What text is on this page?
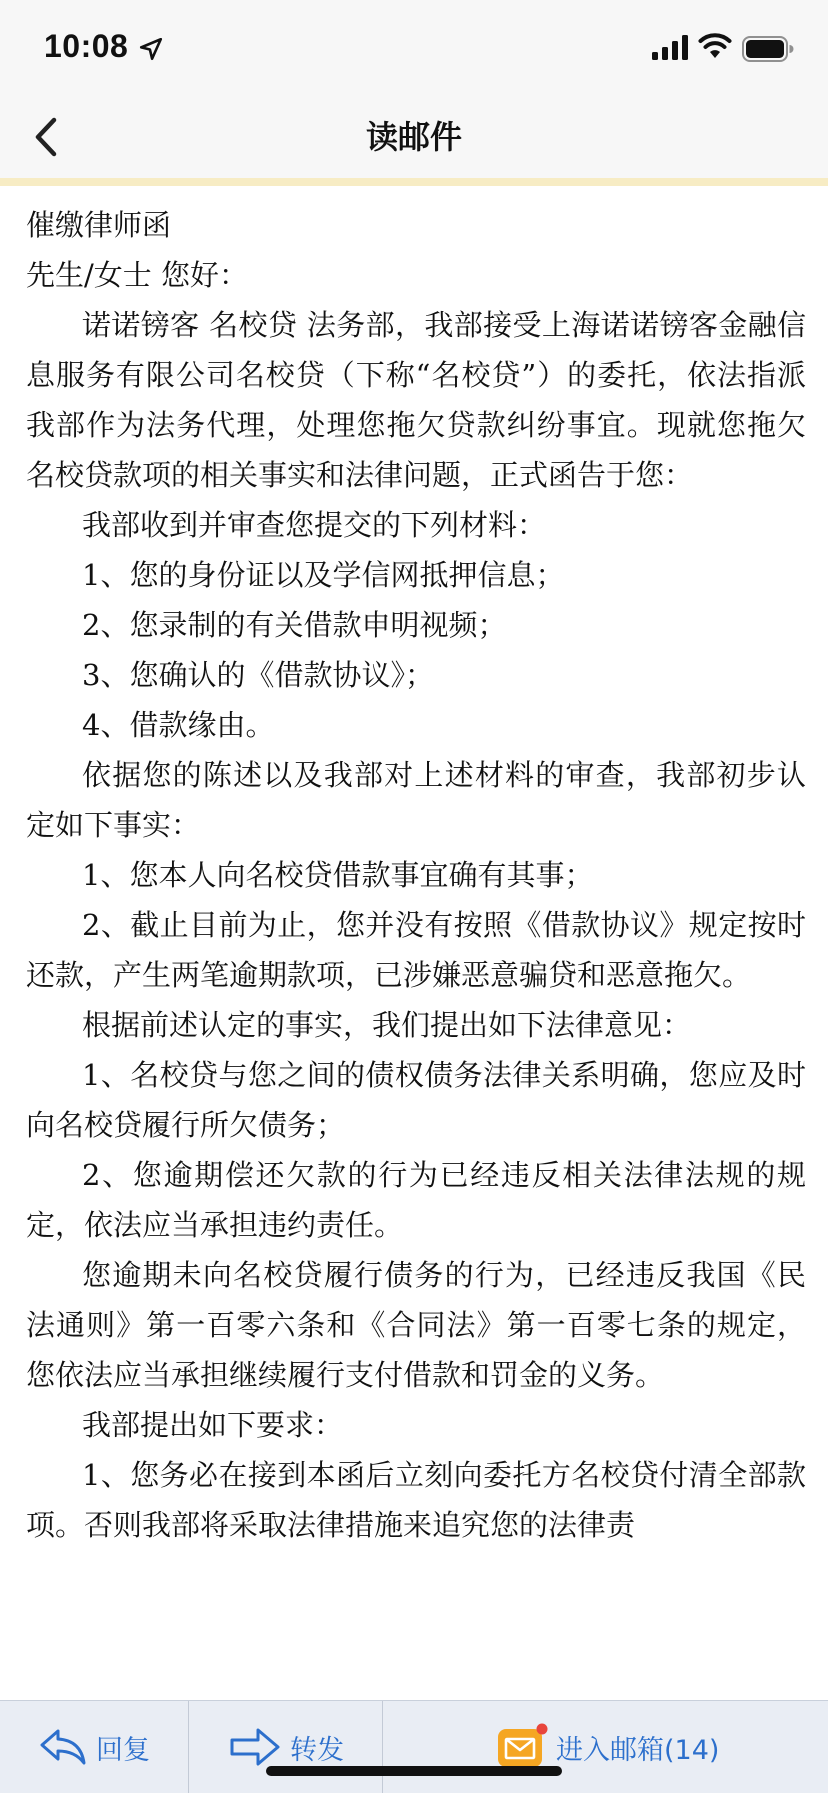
10:08
读邮件

催缴律师函

先生/女士 您好：

诺诺镑客 名校贷 法务部，我部接受上海诺诺镑客金融信息服务有限公司名校贷（下称“名校贷”）的委托，依法指派我部作为法务代理，处理您拖欠贷款纠纷事宜。现就您拖欠名校贷款项的相关事实和法律问题，正式函告于您：

我部收到并审查您提交的下列材料：

1、您的身份证以及学信网抵押信息；

2、您录制的有关借款申明视频；

3、您确认的《借款协议》；

4、借款缘由。

依据您的陈述以及我部对上述材料的审查，我部初步认定如下事实：

1、您本人向名校贷借款事宜确有其事；

2、截止目前为止，您并没有按照《借款协议》规定按时还款，产生两笔逾期款项，已涉嫌恶意骗贷和恶意拖欠。

根据前述认定的事实，我们提出如下法律意见：

1、名校贷与您之间的债权债务法律关系明确，您应及时向名校贷履行所欠债务；

2、您逾期偿还欠款的行为已经违反相关法律法规的规定，依法应当承担违约责任。

您逾期未向名校贷履行债务的行为，已经违反我国《民法通则》第一百零六条和《合同法》第一百零七条的规定，您依法应当承担继续履行支付借款和罚金的义务。

我部提出如下要求：

1、您务必在接到本函后立刻向委托方名校贷付清全部款项。否则我部将采取法律措施来追究您的法律责

回复	转发	进入邮箱(14)
